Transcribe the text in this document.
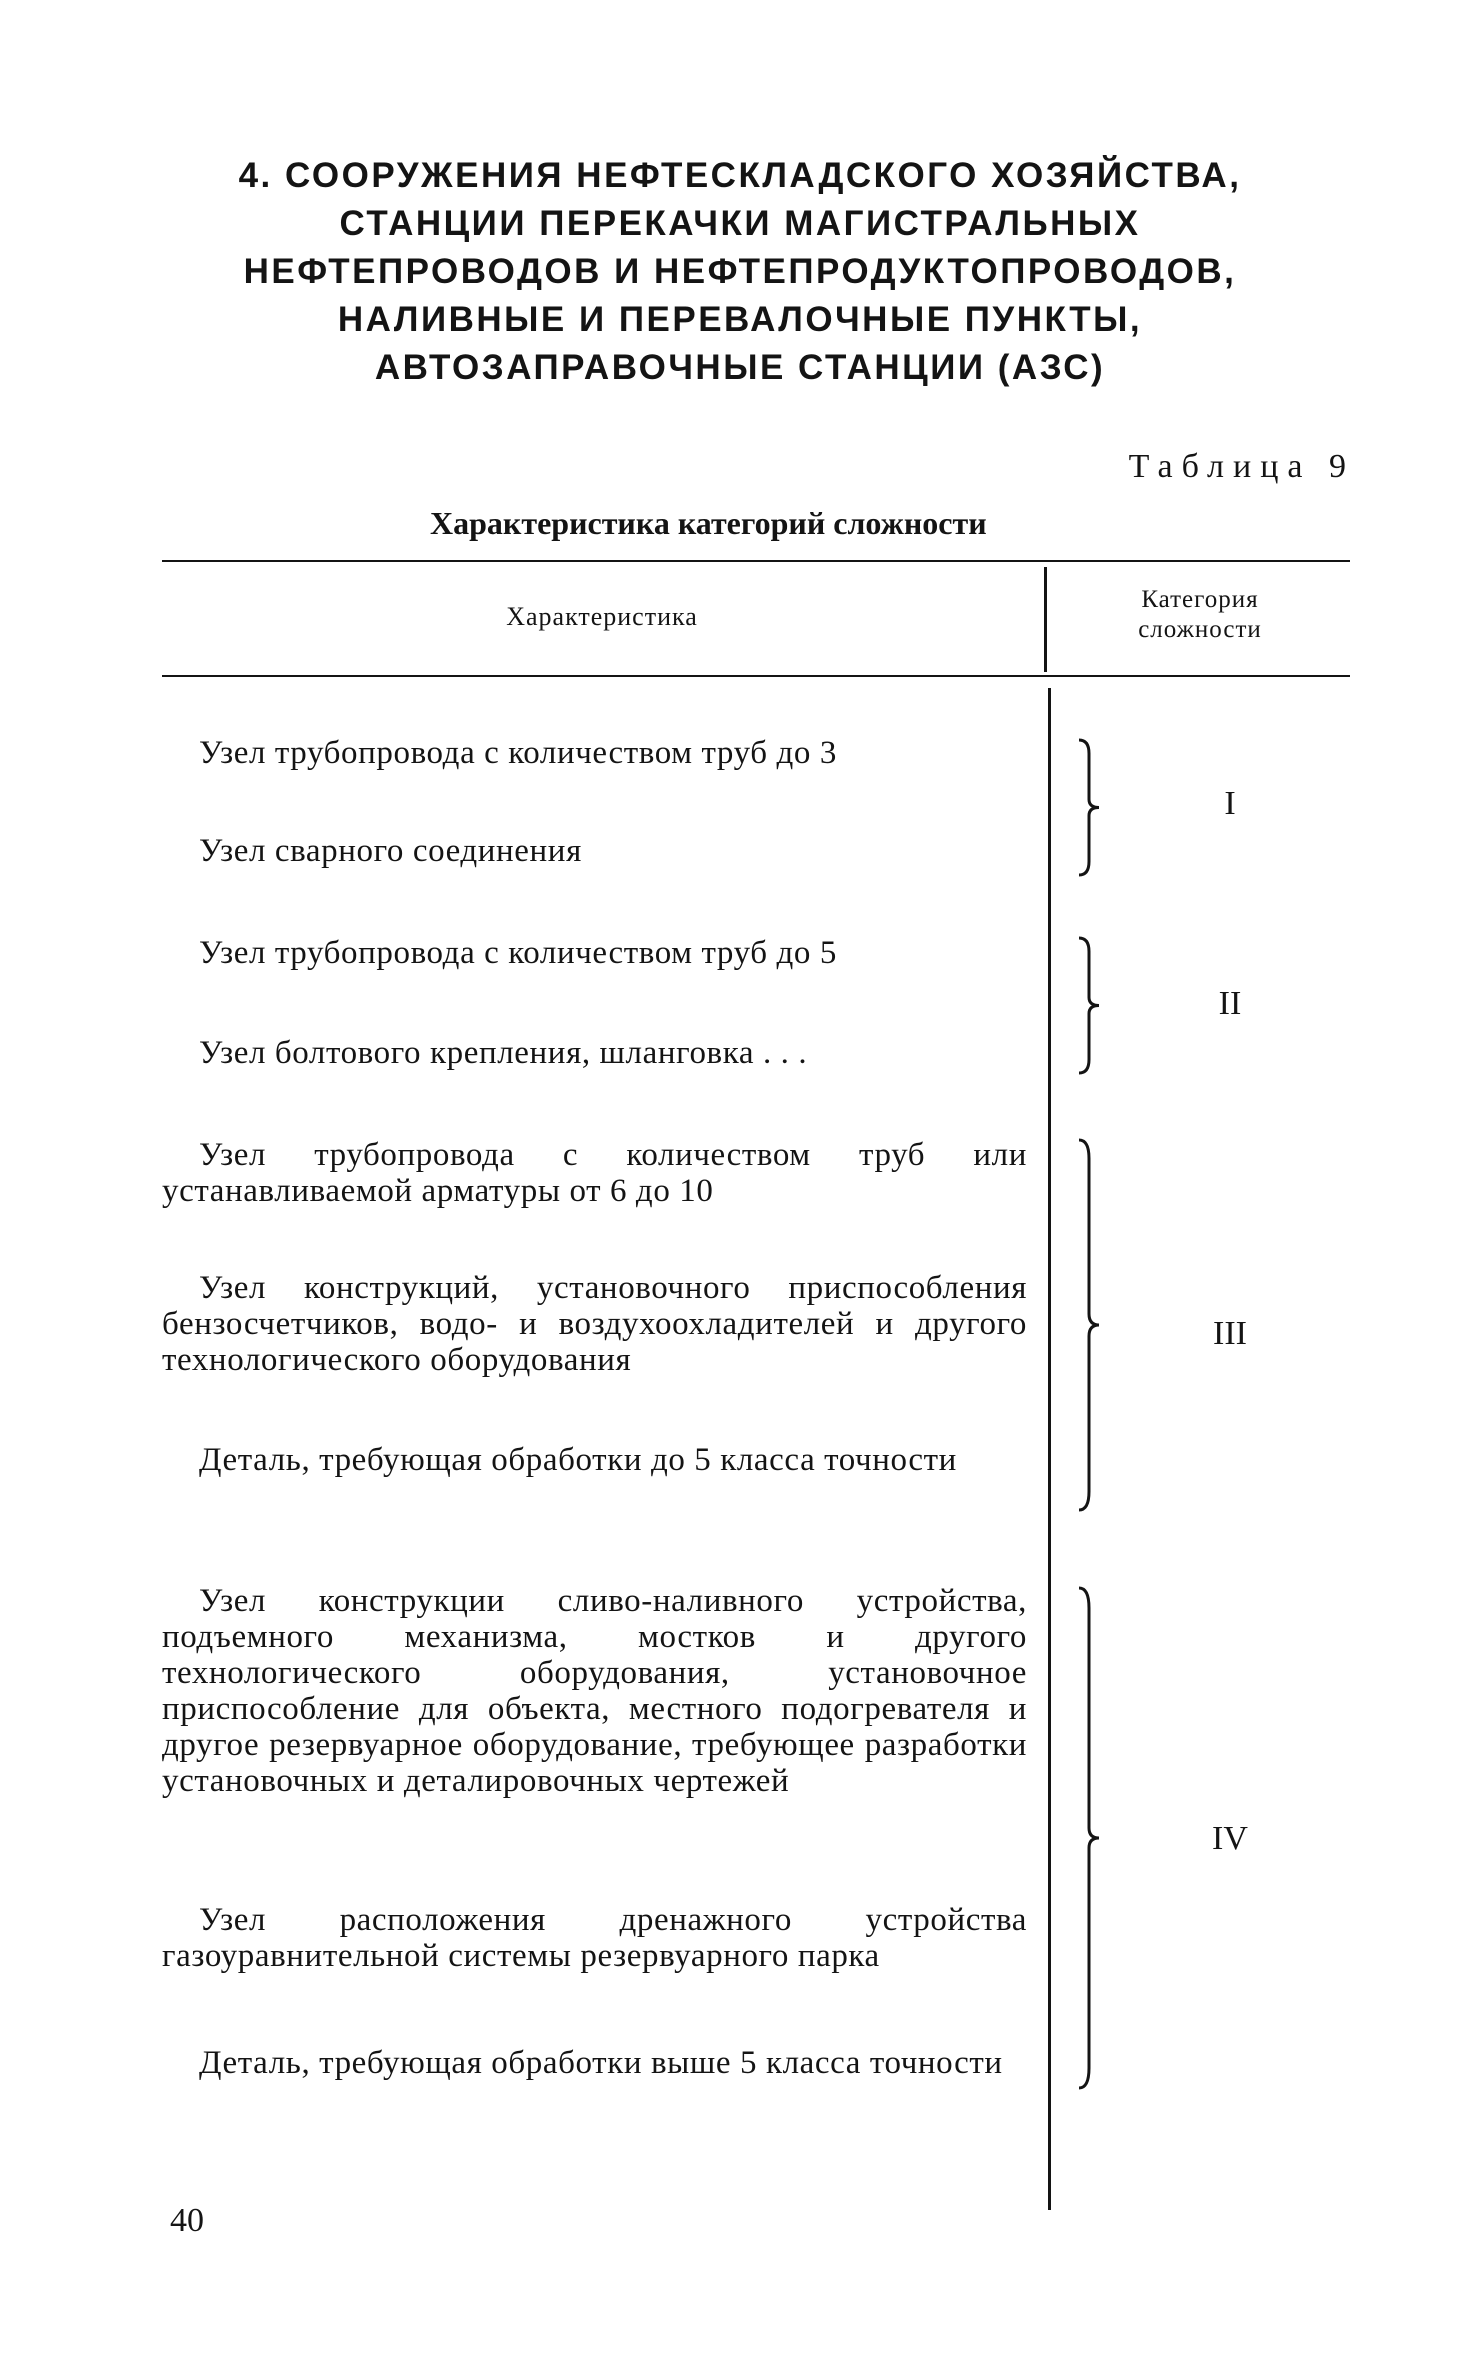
4. СООРУЖЕНИЯ НЕФТЕСКЛАДСКОГО ХОЗЯЙСТВА,
СТАНЦИИ ПЕРЕКАЧКИ МАГИСТРАЛЬНЫХ
НЕФТЕПРОВОДОВ И НЕФТЕПРОДУКТОПРОВОДОВ,
НАЛИВНЫЕ И ПЕРЕВАЛОЧНЫЕ ПУНКТЫ,
АВТОЗАПРАВОЧНЫЕ СТАНЦИИ (АЗС)

Таблица 9

Характеристика категорий сложности

Характеристика
Категория
сложности

Узел трубопровода с количеством труб до 3

Узел сварного соединения

Узел трубопровода с количеством труб до 5

Узел болтового крепления, шланговка . . .

Узел трубопровода с количеством труб или устанавливаемой арматуры от 6 до 10

Узел конструкций, установочного приспособления бензосчетчиков, водо- и воздухоохладителей и другого технологического оборудования

Деталь, требующая обработки до 5 класса точности

Узел конструкции сливо-наливного устройства, подъемного механизма, мостков и другого технологического оборудования, установочное приспособление для объекта, местного подогревателя и другое резервуарное оборудование, требующее разработки установочных и деталировочных чертежей

Узел расположения дренажного устройства газоуравнительной системы резервуарного парка

Деталь, требующая обработки выше 5 класса точности

I
II
III
IV
40
